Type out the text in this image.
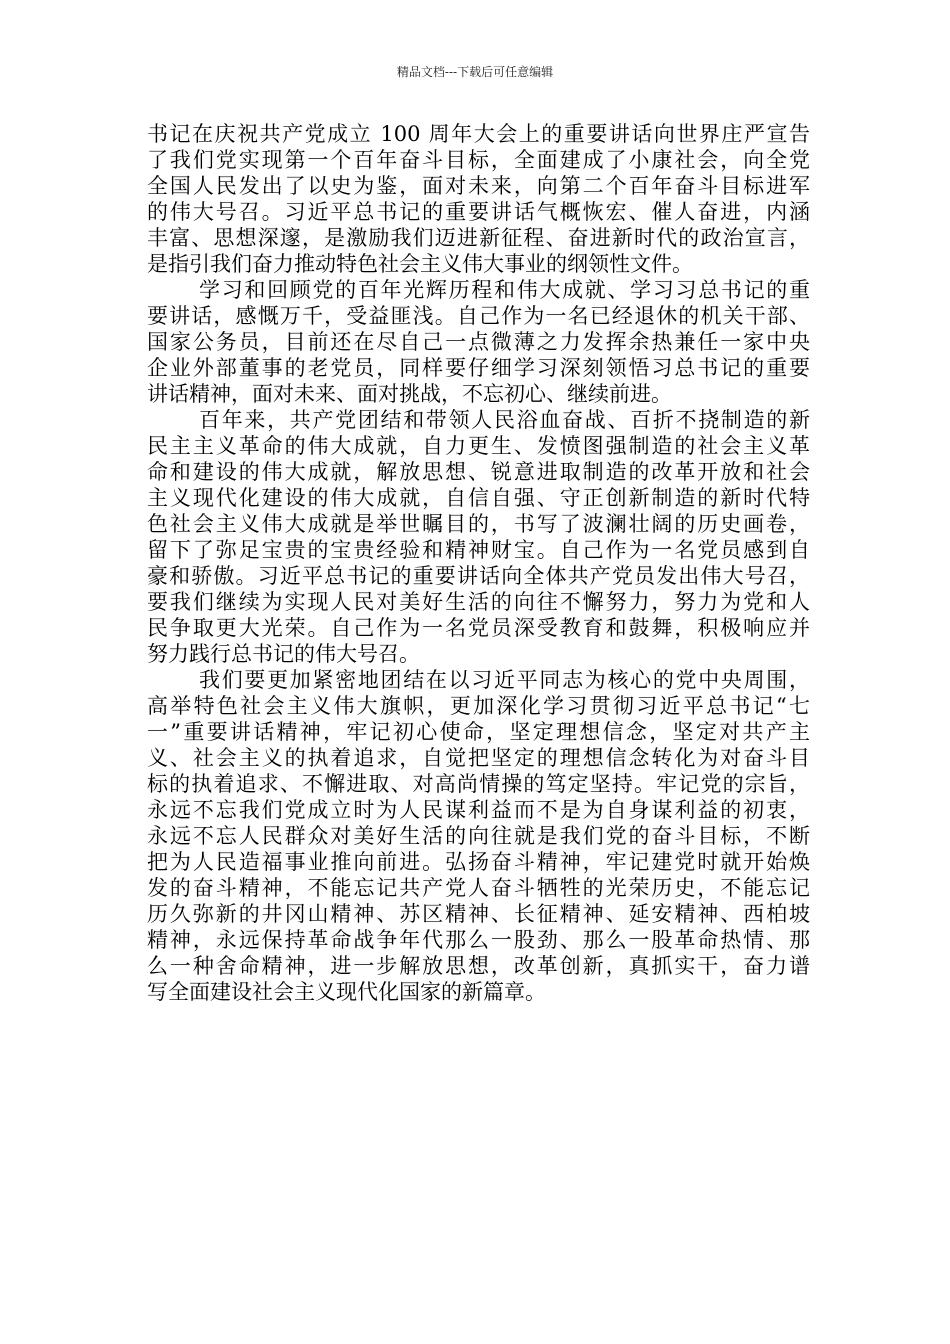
精品文档---下载后可任意编辑
书记在庆祝共产党成立 100 周年大会上的重要讲话向世界庄严宣告
了我们党实现第一个百年奋斗目标，全面建成了小康社会，向全党
全国人民发出了以史为鉴，面对未来，向第二个百年奋斗目标进军
的伟大号召。习近平总书记的重要讲话气概恢宏、催人奋进，内涵
丰富、思想深邃，是激励我们迈进新征程、奋进新时代的政治宣言，
是指引我们奋力推动特色社会主义伟大事业的纲领性文件。
学习和回顾党的百年光辉历程和伟大成就、学习习总书记的重
要讲话，感慨万千，受益匪浅。自己作为一名已经退休的机关干部、
国家公务员，目前还在尽自己一点微薄之力发挥余热兼任一家中央
企业外部董事的老党员，同样要仔细学习深刻领悟习总书记的重要
讲话精神，面对未来、面对挑战，不忘初心、继续前进。
百年来，共产党团结和带领人民浴血奋战、百折不挠制造的新
民主主义革命的伟大成就，自力更生、发愤图强制造的社会主义革
命和建设的伟大成就，解放思想、锐意进取制造的改革开放和社会
主义现代化建设的伟大成就，自信自强、守正创新制造的新时代特
色社会主义伟大成就是举世瞩目的，书写了波澜壮阔的历史画卷，
留下了弥足宝贵的宝贵经验和精神财宝。自己作为一名党员感到自
豪和骄傲。习近平总书记的重要讲话向全体共产党员发出伟大号召，
要我们继续为实现人民对美好生活的向往不懈努力，努力为党和人
民争取更大光荣。自己作为一名党员深受教育和鼓舞，积极响应并
努力践行总书记的伟大号召。
我们要更加紧密地团结在以习近平同志为核心的党中央周围，
高举特色社会主义伟大旗帜，更加深化学习贯彻习近平总书记“七
一”重要讲话精神，牢记初心使命，坚定理想信念，坚定对共产主
义、社会主义的执着追求，自觉把坚定的理想信念转化为对奋斗目
标的执着追求、不懈进取、对高尚情操的笃定坚持。牢记党的宗旨，
永远不忘我们党成立时为人民谋利益而不是为自身谋利益的初衷，
永远不忘人民群众对美好生活的向往就是我们党的奋斗目标，不断
把为人民造福事业推向前进。弘扬奋斗精神，牢记建党时就开始焕
发的奋斗精神，不能忘记共产党人奋斗牺牲的光荣历史，不能忘记
历久弥新的井冈山精神、苏区精神、长征精神、延安精神、西柏坡
精神，永远保持革命战争年代那么一股劲、那么一股革命热情、那
么一种舍命精神，进一步解放思想，改革创新，真抓实干，奋力谱
写全面建设社会主义现代化国家的新篇章。
